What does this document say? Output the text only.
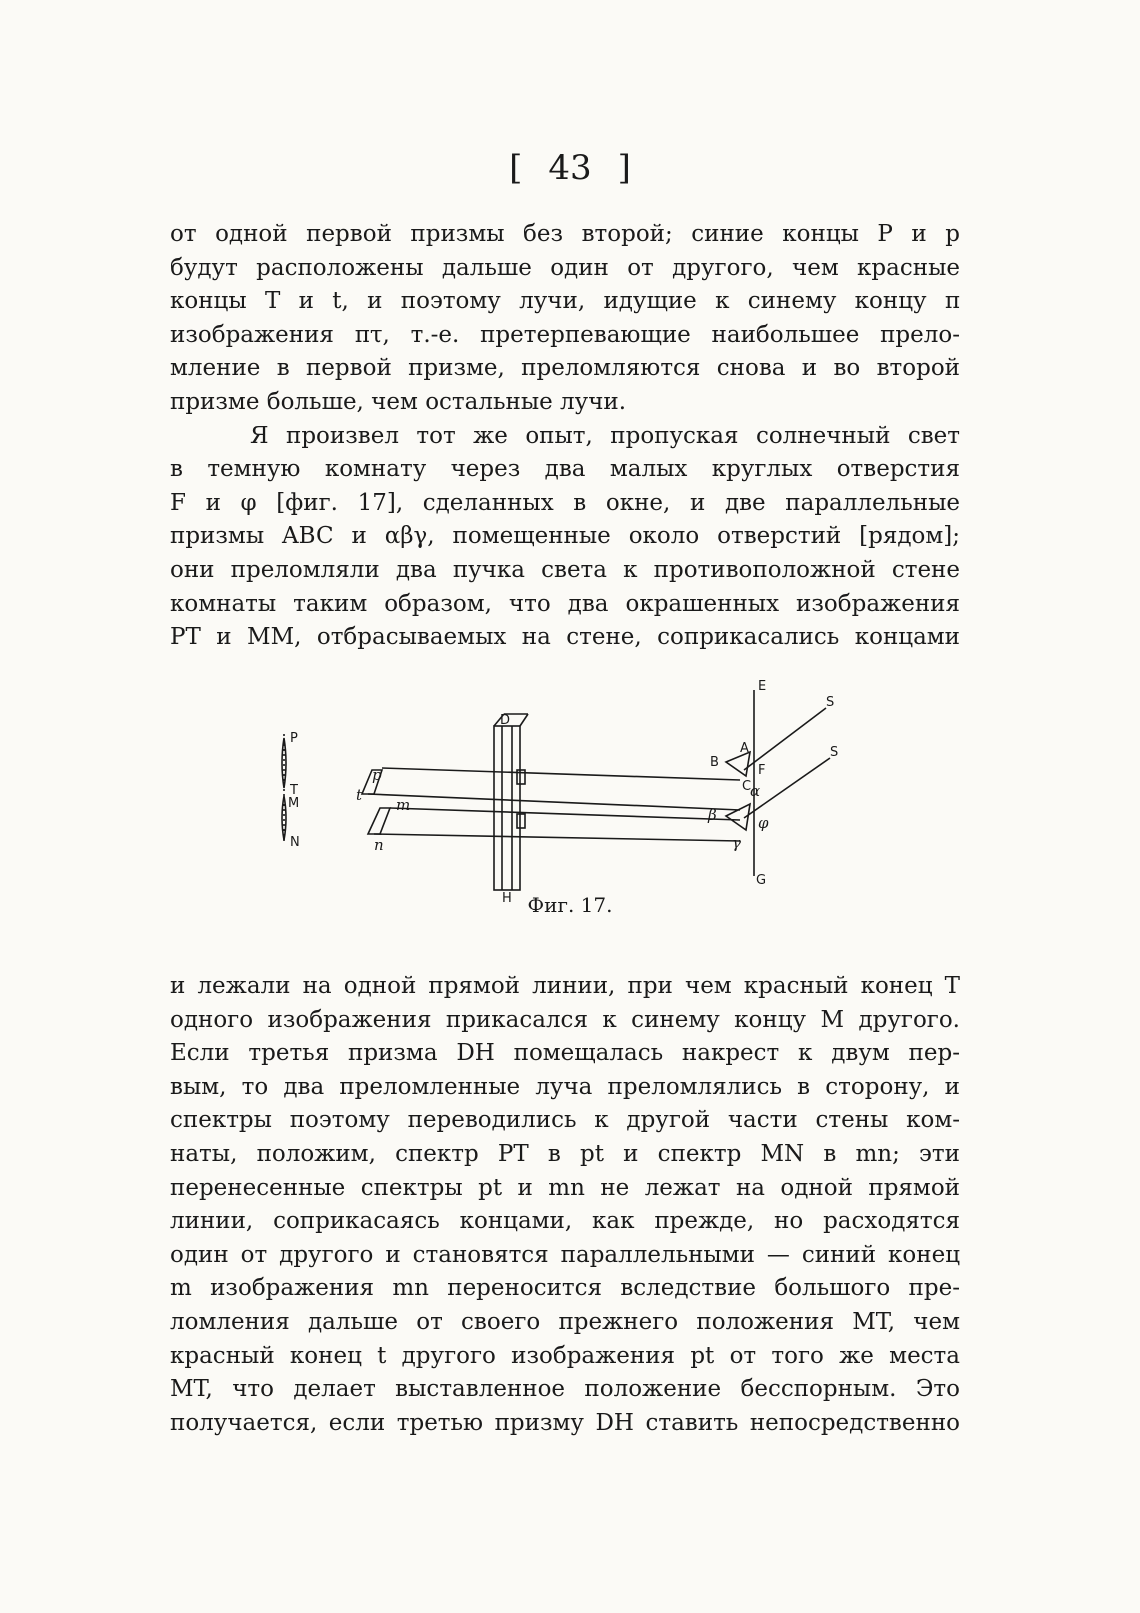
[ 43 ]
от одной первой призмы без второй; синие концы P и p
будут расположены дальше один от другого, чем красные
концы T и t, и поэтому лучи, идущие к синему концу π
изображения πτ, т.-е. претерпевающие наибольшее прело-
мление в первой призме, преломляются снова и во второй
призме больше, чем остальные лучи.
Я произвел тот же опыт, пропуская солнечный свет
в темную комнату через два малых круглых отверстия
F и φ [фиг. 17], сделанных в окне, и две параллельные
призмы ABC и αβγ, помещенные около отверстий [рядом];
они преломляли два пучка света к противоположной стене
комнаты таким образом, что два окрашенных изображения
PT и MM, отбрасываемых на стене, соприкасались концами
E
S
S
D
H
P
T
M
N
p
t
m
n
A
B
F
C
α
β	φ
γ
G
Фиг. 17.
и лежали на одной прямой линии, при чем красный конец T
одного изображения прикасался к синему концу M другого.
Если третья призма DH помещалась накрест к двум пер-
вым, то два преломленные луча преломлялись в сторону, и
спектры поэтому переводились к другой части стены ком-
наты, положим, спектр PT в pt и спектр MN в mn; эти
перенесенные спектры pt и mn не лежат на одной прямой
линии, соприкасаясь концами, как прежде, но расходятся
один от другого и становятся параллельными — синий конец
m изображения mn переносится вследствие большого пре-
ломления дальше от своего прежнего положения MT, чем
красный конец t другого изображения pt от того же места
MT, что делает выставленное положение бесспорным. Это
получается, если третью призму DH ставить непосредственно
